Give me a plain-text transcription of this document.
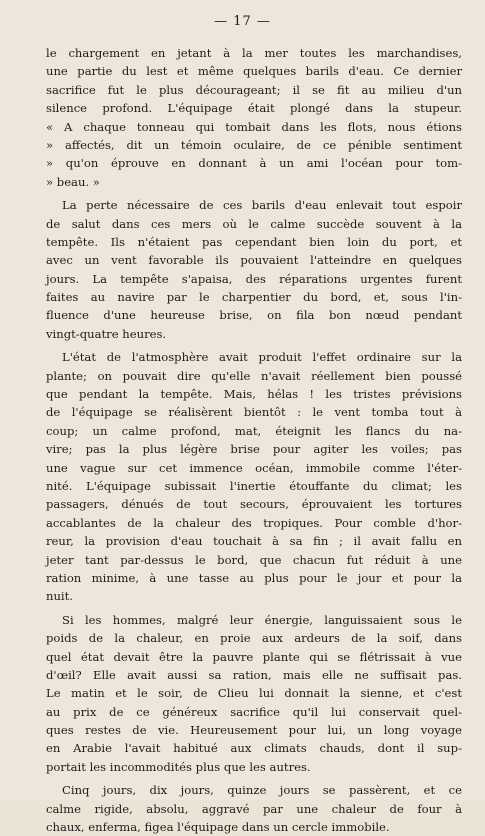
— 17 —
le chargement en jetant à la mer toutes les marchandises,
une partie du lest et même quelques barils d'eau. Ce dernier
sacrifice fut le plus décourageant; il se fit au milieu d'un
silence profond. L'équipage était plongé dans la stupeur.
« A chaque tonneau qui tombait dans les flots, nous étions
» affectés, dit un témoin oculaire, de ce pénible sentiment
» qu'on éprouve en donnant à un ami l'océan pour tom-
» beau. »
La perte nécessaire de ces barils d'eau enlevait tout espoir
de salut dans ces mers où le calme succède souvent à la
tempête. Ils n'étaient pas cependant bien loin du port, et
avec un vent favorable ils pouvaient l'atteindre en quelques
jours. La tempête s'apaisa, des réparations urgentes furent
faites au navire par le charpentier du bord, et, sous l'in-
fluence d'une heureuse brise, on fila bon nœud pendant
vingt-quatre heures.
L'état de l'atmosphère avait produit l'effet ordinaire sur la
plante; on pouvait dire qu'elle n'avait réellement bien poussé
que pendant la tempête. Mais, hélas ! les tristes prévisions
de l'équipage se réalisèrent bientôt : le vent tomba tout à
coup; un calme profond, mat, éteignit les flancs du na-
vire; pas la plus légère brise pour agiter les voiles; pas
une vague sur cet immence océan, immobile comme l'éter-
nité. L'équipage subissait l'inertie étouffante du climat; les
passagers, dénués de tout secours, éprouvaient les tortures
accablantes de la chaleur des tropiques. Pour comble d'hor-
reur, la provision d'eau touchait à sa fin ; il avait fallu en
jeter tant par-dessus le bord, que chacun fut réduit à une
ration minime, à une tasse au plus pour le jour et pour la
nuit.
Si les hommes, malgré leur énergie, languissaient sous le
poids de la chaleur, en proie aux ardeurs de la soif, dans
quel état devait être la pauvre plante qui se flétrissait à vue
d'œil? Elle avait aussi sa ration, mais elle ne suffisait pas.
Le matin et le soir, de Clieu lui donnait la sienne, et c'est
au prix de ce généreux sacrifice qu'il lui conservait quel-
ques restes de vie. Heureusement pour lui, un long voyage
en Arabie l'avait habitué aux climats chauds, dont il sup-
portait les incommodités plus que les autres.
Cinq jours, dix jours, quinze jours se passèrent, et ce
calme rigide, absolu, aggravé par une chaleur de four à
chaux, enferma, figea l'équipage dans un cercle immobile.
